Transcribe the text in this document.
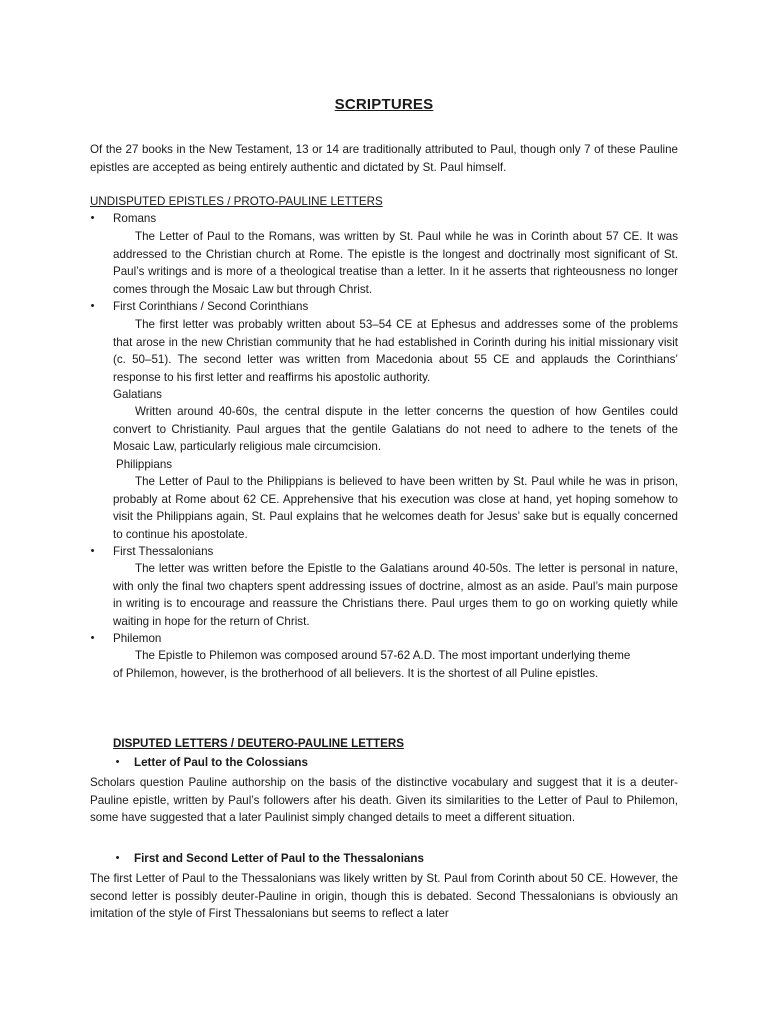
SCRIPTURES
Of the 27 books in the New Testament, 13 or 14 are traditionally attributed to Paul, though only 7 of these Pauline epistles are accepted as being entirely authentic and dictated by St. Paul himself.
UNDISPUTED EPISTLES / PROTO-PAULINE LETTERS
• Romans
The Letter of Paul to the Romans, was written by St. Paul while he was in Corinth about 57 CE. It was addressed to the Christian church at Rome. The epistle is the longest and doctrinally most significant of St. Paul’s writings and is more of a theological treatise than a letter. In it he asserts that righteousness no longer comes through the Mosaic Law but through Christ.
• First Corinthians / Second Corinthians
The first letter was probably written about 53–54 CE at Ephesus and addresses some of the problems that arose in the new Christian community that he had established in Corinth during his initial missionary visit (c. 50–51). The second letter was written from Macedonia about 55 CE and applauds the Corinthians’ response to his first letter and reaffirms his apostolic authority.
Galatians
Written around 40-60s, the central dispute in the letter concerns the question of how Gentiles could convert to Christianity. Paul argues that the gentile Galatians do not need to adhere to the tenets of the Mosaic Law, particularly religious male circumcision.
Philippians
The Letter of Paul to the Philippians is believed to have been written by St. Paul while he was in prison, probably at Rome about 62 CE. Apprehensive that his execution was close at hand, yet hoping somehow to visit the Philippians again, St. Paul explains that he welcomes death for Jesus’ sake but is equally concerned to continue his apostolate.
• First Thessalonians
The letter was written before the Epistle to the Galatians around 40-50s. The letter is personal in nature, with only the final two chapters spent addressing issues of doctrine, almost as an aside. Paul’s main purpose in writing is to encourage and reassure the Christians there. Paul urges them to go on working quietly while waiting in hope for the return of Christ.
• Philemon
The Epistle to Philemon was composed around 57-62 A.D. The most important underlying theme of Philemon, however, is the brotherhood of all believers. It is the shortest of all Puline epistles.
DISPUTED LETTERS / DEUTERO-PAULINE LETTERS
• Letter of Paul to the Colossians
Scholars question Pauline authorship on the basis of the distinctive vocabulary and suggest that it is a deuter-Pauline epistle, written by Paul’s followers after his death. Given its similarities to the Letter of Paul to Philemon, some have suggested that a later Paulinist simply changed details to meet a different situation.
• First and Second Letter of Paul to the Thessalonians
The first Letter of Paul to the Thessalonians was likely written by St. Paul from Corinth about 50 CE. However, the second letter is possibly deuter-Pauline in origin, though this is debated. Second Thessalonians is obviously an imitation of the style of First Thessalonians but seems to reflect a later
